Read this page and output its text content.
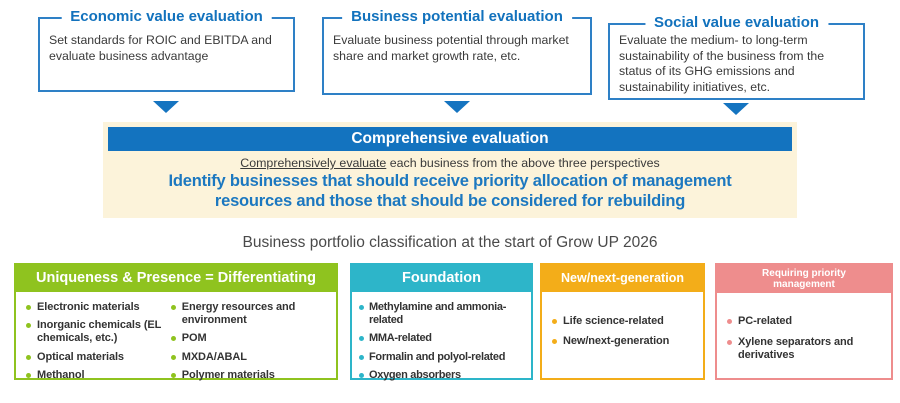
Economic value evaluation
Set standards for ROIC and EBITDA and evaluate business advantage
Business potential evaluation
Evaluate business potential through market share and market growth rate, etc.
Social value evaluation
Evaluate the medium- to long-term sustainability of the business from the status of its GHG emissions and sustainability initiatives, etc.
Comprehensive evaluation
Comprehensively evaluate each business from the above three perspectives
Identify businesses that should receive priority allocation of management
resources and those that should be considered for rebuilding
Business portfolio classification at the start of Grow UP 2026
Uniqueness & Presence = Differentiating
Electronic materials
Inorganic chemicals (EL chemicals, etc.)
Optical materials
Methanol
Energy resources and environment
POM
MXDA/ABAL
Polymer materials
Foundation
Methylamine and ammonia-related
MMA-related
Formalin and polyol-related
Oxygen absorbers
New/next-generation
Life science-related
New/next-generation
Requiring priority management
PC-related
Xylene separators and derivatives
